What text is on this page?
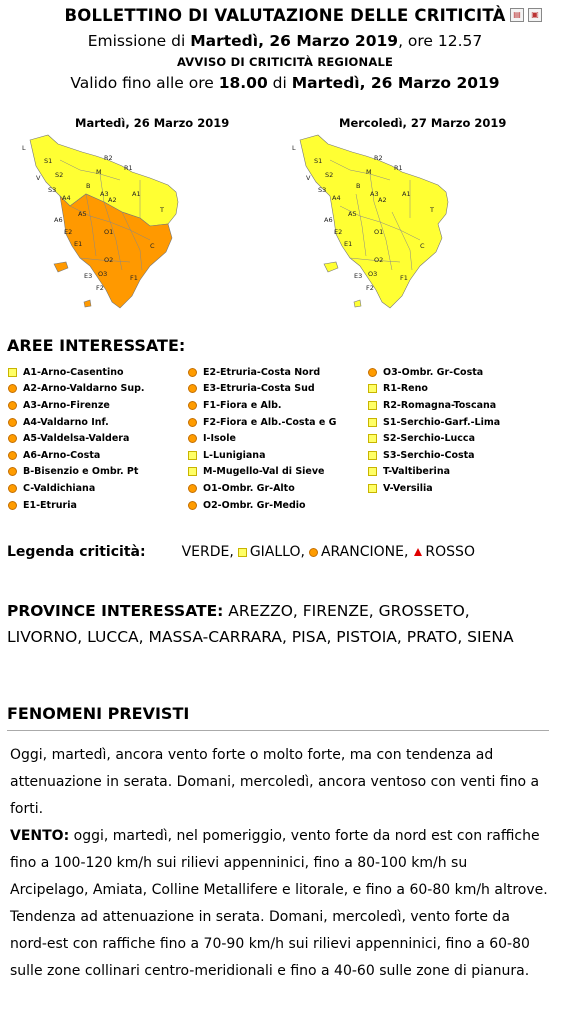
BOLLETTINO DI VALUTAZIONE DELLE CRITICITÀ ▤	▣
Emissione di Martedì, 26 Marzo 2019, ore 12.57
AVVISO DI CRITICITÀ REGIONALE
Valido fino alle ore 18.00 di Martedì, 26 Marzo 2019
Martedì, 26 Marzo 2019	Mercoledì, 27 Marzo 2019
S1
S2
S3
R2
R1
L
M
A1
A2
A3
A4
A5
A6
C
B
E1
E2
E3
O1
O2
O3	F1
F2
T
V
S1
S2
S3
R2
R1
L
M
A1
A2
A3
A4
A5
A6
C
B
E1
E2
E3
O1
O2
O3	F1
F2
T
V
AREE INTERESSATE:
A1-Arno-Casentino
A2-Arno-Valdarno Sup.
A3-Arno-Firenze
A4-Valdarno Inf.
A5-Valdelsa-Valdera
A6-Arno-Costa
B-Bisenzio e Ombr. Pt
C-Valdichiana
E1-Etruria
E2-Etruria-Costa Nord
E3-Etruria-Costa Sud
F1-Fiora e Alb.
F2-Fiora e Alb.-Costa e G
I-Isole
L-Lunigiana
M-Mugello-Val di Sieve
O1-Ombr. Gr-Alto
O2-Ombr. Gr-Medio
O3-Ombr. Gr-Costa
R1-Reno
R2-Romagna-Toscana
S1-Serchio-Garf.-Lima
S2-Serchio-Lucca
S3-Serchio-Costa
T-Valtiberina
V-Versilia
Legenda criticità:	VERDE, GIALLO, ARANCIONE, ROSSO
PROVINCE INTERESSATE: AREZZO, FIRENZE, GROSSETO, LIVORNO, LUCCA, MASSA-CARRARA, PISA, PISTOIA, PRATO, SIENA
FENOMENI PREVISTI

Oggi, martedì, ancora vento forte o molto forte, ma con tendenza ad attenuazione in serata. Domani, mercoledì, ancora ventoso con venti fino a forti.

VENTO: oggi, martedì, nel pomeriggio, vento forte da nord est con raffiche fino a 100-120 km/h sui rilievi appenninici, fino a 80-100 km/h su Arcipelago, Amiata, Colline Metallifere e litorale, e fino a 60-80 km/h altrove. Tendenza ad attenuazione in serata. Domani, mercoledì, vento forte da nord-est con raffiche fino a 70-90 km/h sui rilievi appenninici, fino a 60-80 sulle zone collinari centro-meridionali e fino a 40-60 sulle zone di pianura.
